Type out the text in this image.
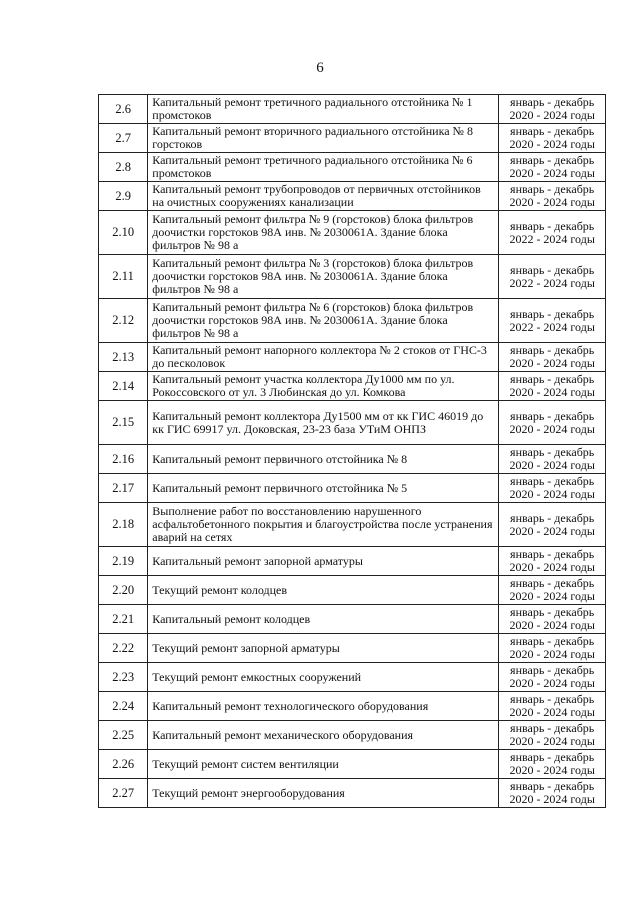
6
2.6	Капитальный ремонт третичного радиального отстойника № 1 промстоков	январь - декабрь
2020 - 2024 годы

2.7	Капитальный ремонт вторичного радиального отстойника № 8 горстоков	январь - декабрь
2020 - 2024 годы

2.8	Капитальный ремонт третичного радиального отстойника № 6 промстоков	январь - декабрь
2020 - 2024 годы

2.9	Капитальный ремонт трубопроводов от первичных отстойников на очистных сооружениях канализации	январь - декабрь
2020 - 2024 годы

2.10	Капитальный ремонт фильтра № 9 (горстоков) блока фильтров доочистки горстоков 98А инв. № 2030061А. Здание блока фильтров № 98 а	январь - декабрь
2022 - 2024 годы

2.11	Капитальный ремонт фильтра № 3 (горстоков) блока фильтров доочистки горстоков 98А инв. № 2030061А. Здание блока фильтров № 98 а	январь - декабрь
2022 - 2024 годы

2.12	Капитальный ремонт фильтра № 6 (горстоков) блока фильтров доочистки горстоков 98А инв. № 2030061А. Здание блока фильтров № 98 а	январь - декабрь
2022 - 2024 годы

2.13	Капитальный ремонт напорного коллектора № 2 стоков от ГНС-3 до песколовок	январь - декабрь
2020 - 2024 годы

2.14	Капитальный ремонт участка коллектора Ду1000 мм по ул. Рокоссовского от ул. 3 Любинская до ул. Комкова	январь - декабрь
2020 - 2024 годы

2.15	Капитальный ремонт коллектора Ду1500 мм от кк ГИС 46019 до кк ГИС 69917 ул. Доковская, 23-23 база УТиМ ОНПЗ	январь - декабрь
2020 - 2024 годы

2.16	Капитальный ремонт первичного отстойника № 8	январь - декабрь
2020 - 2024 годы

2.17	Капитальный ремонт первичного отстойника № 5	январь - декабрь
2020 - 2024 годы

2.18	Выполнение работ по восстановлению нарушенного асфальтобетонного покрытия и благоустройства после устранения аварий на сетях	январь - декабрь
2020 - 2024 годы

2.19	Капитальный ремонт запорной арматуры	январь - декабрь
2020 - 2024 годы

2.20	Текущий ремонт колодцев	январь - декабрь
2020 - 2024 годы

2.21	Капитальный ремонт колодцев	январь - декабрь
2020 - 2024 годы

2.22	Текущий ремонт запорной арматуры	январь - декабрь
2020 - 2024 годы

2.23	Текущий ремонт емкостных сооружений	январь - декабрь
2020 - 2024 годы

2.24	Капитальный ремонт технологического оборудования	январь - декабрь
2020 - 2024 годы

2.25	Капитальный ремонт механического оборудования	январь - декабрь
2020 - 2024 годы

2.26	Текущий ремонт систем вентиляции	январь - декабрь
2020 - 2024 годы

2.27	Текущий ремонт энергооборудования	январь - декабрь
2020 - 2024 годы
